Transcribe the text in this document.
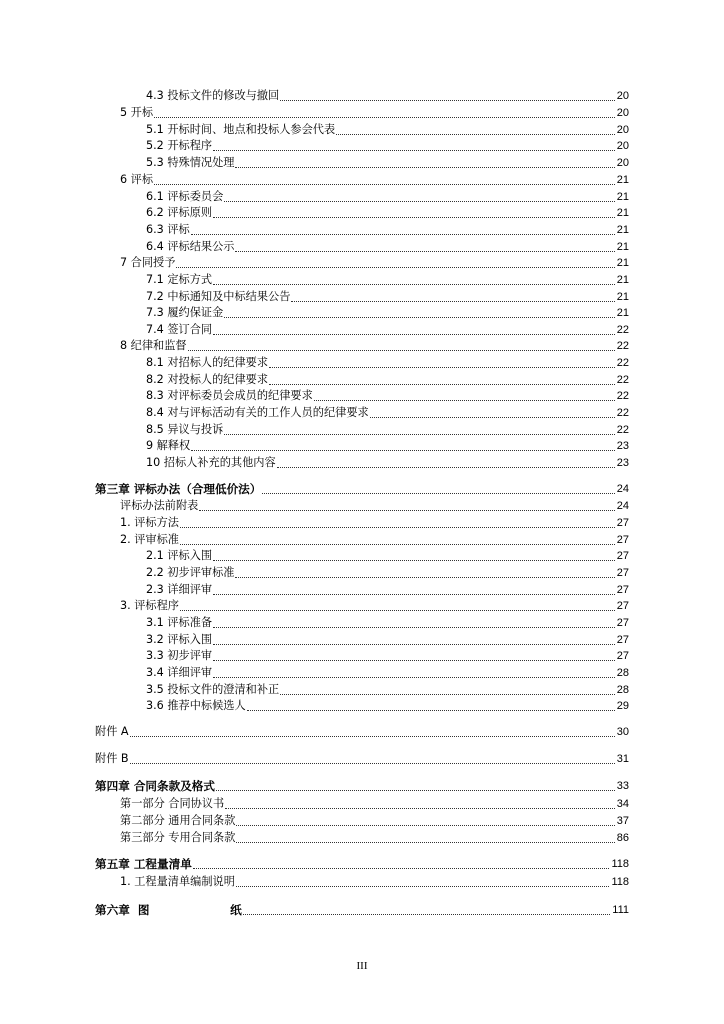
4.3 投标文件的修改与撤回	20
5 开标	20
5.1 开标时间、地点和投标人参会代表	20
5.2 开标程序	20
5.3 特殊情况处理	20
6 评标	21
6.1 评标委员会	21
6.2 评标原则	21
6.3 评标	21
6.4 评标结果公示	21
7 合同授予	21
7.1 定标方式	21
7.2 中标通知及中标结果公告	21
7.3 履约保证金	21
7.4 签订合同	22
8 纪律和监督	22
8.1 对招标人的纪律要求	22
8.2 对投标人的纪律要求	22
8.3 对评标委员会成员的纪律要求	22
8.4 对与评标活动有关的工作人员的纪律要求	22
8.5 异议与投诉	22
9 解释权	23
10 招标人补充的其他内容	23
第三章 评标办法（合理低价法）	24
评标办法前附表	24
1. 评标方法	27
2. 评审标准	27
2.1 评标入围	27
2.2 初步评审标准	27
2.3 详细评审	27
3. 评标程序	27
3.1 评标准备	27
3.2 评标入围	27
3.3 初步评审	27
3.4 详细评审	28
3.5 投标文件的澄清和补正	28
3.6 推荐中标候选人	29
附件 A	30
附件 B	31
第四章 合同条款及格式	33
第一部分 合同协议书	34
第二部分 通用合同条款	37
第三部分 专用合同条款	86
第五章 工程量清单	118
1. 工程量清单编制说明	118
第六章  图                    纸	111
III
